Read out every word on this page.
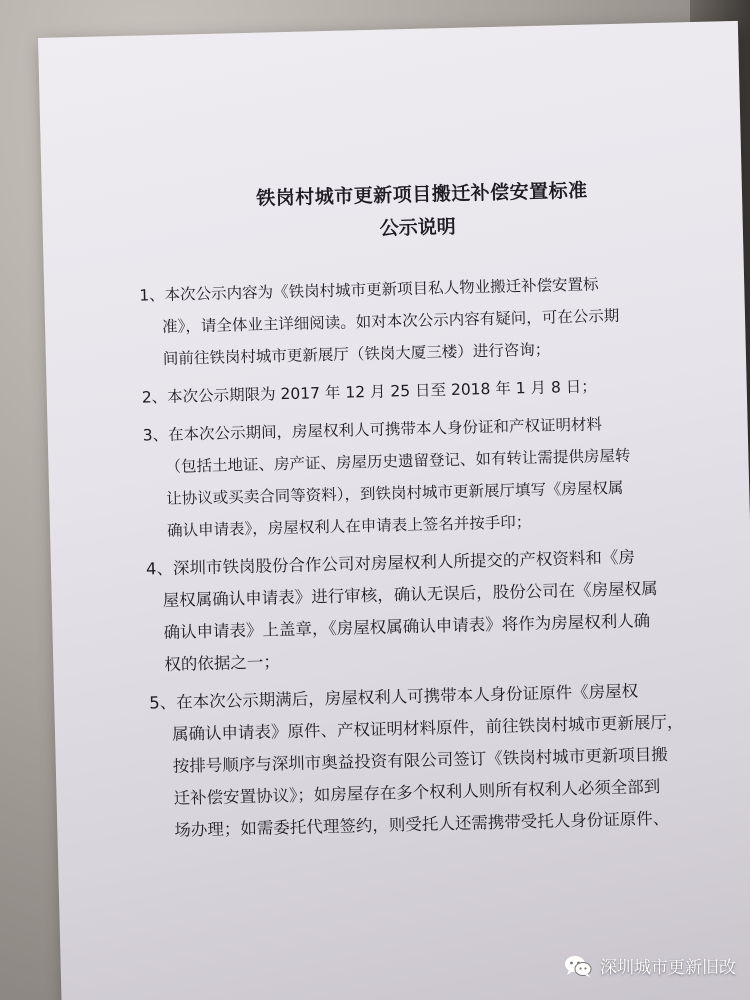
铁岗村城市更新项目搬迁补偿安置标准
公示说明
1、本次公示内容为《铁岗村城市更新项目私人物业搬迁补偿安置标
准》，请全体业主详细阅读。如对本次公示内容有疑问，可在公示期
间前往铁岗村城市更新展厅（铁岗大厦三楼）进行咨询；
2、本次公示期限为 2017 年 12 月 25 日至 2018 年 1 月 8 日；
3、在本次公示期间，房屋权利人可携带本人身份证和产权证明材料
（包括土地证、房产证、房屋历史遗留登记、如有转让需提供房屋转
让协议或买卖合同等资料），到铁岗村城市更新展厅填写《房屋权属
确认申请表》，房屋权利人在申请表上签名并按手印；
4、深圳市铁岗股份合作公司对房屋权利人所提交的产权资料和《房
屋权属确认申请表》进行审核，确认无误后，股份公司在《房屋权属
确认申请表》上盖章，《房屋权属确认申请表》将作为房屋权利人确
权的依据之一；
5、在本次公示期满后，房屋权利人可携带本人身份证原件《房屋权
属确认申请表》原件、产权证明材料原件，前往铁岗村城市更新展厅，
按排号顺序与深圳市奥益投资有限公司签订《铁岗村城市更新项目搬
迁补偿安置协议》；如房屋存在多个权利人则所有权利人必须全部到
场办理；如需委托代理签约，则受托人还需携带受托人身份证原件、
深圳城市更新旧改
